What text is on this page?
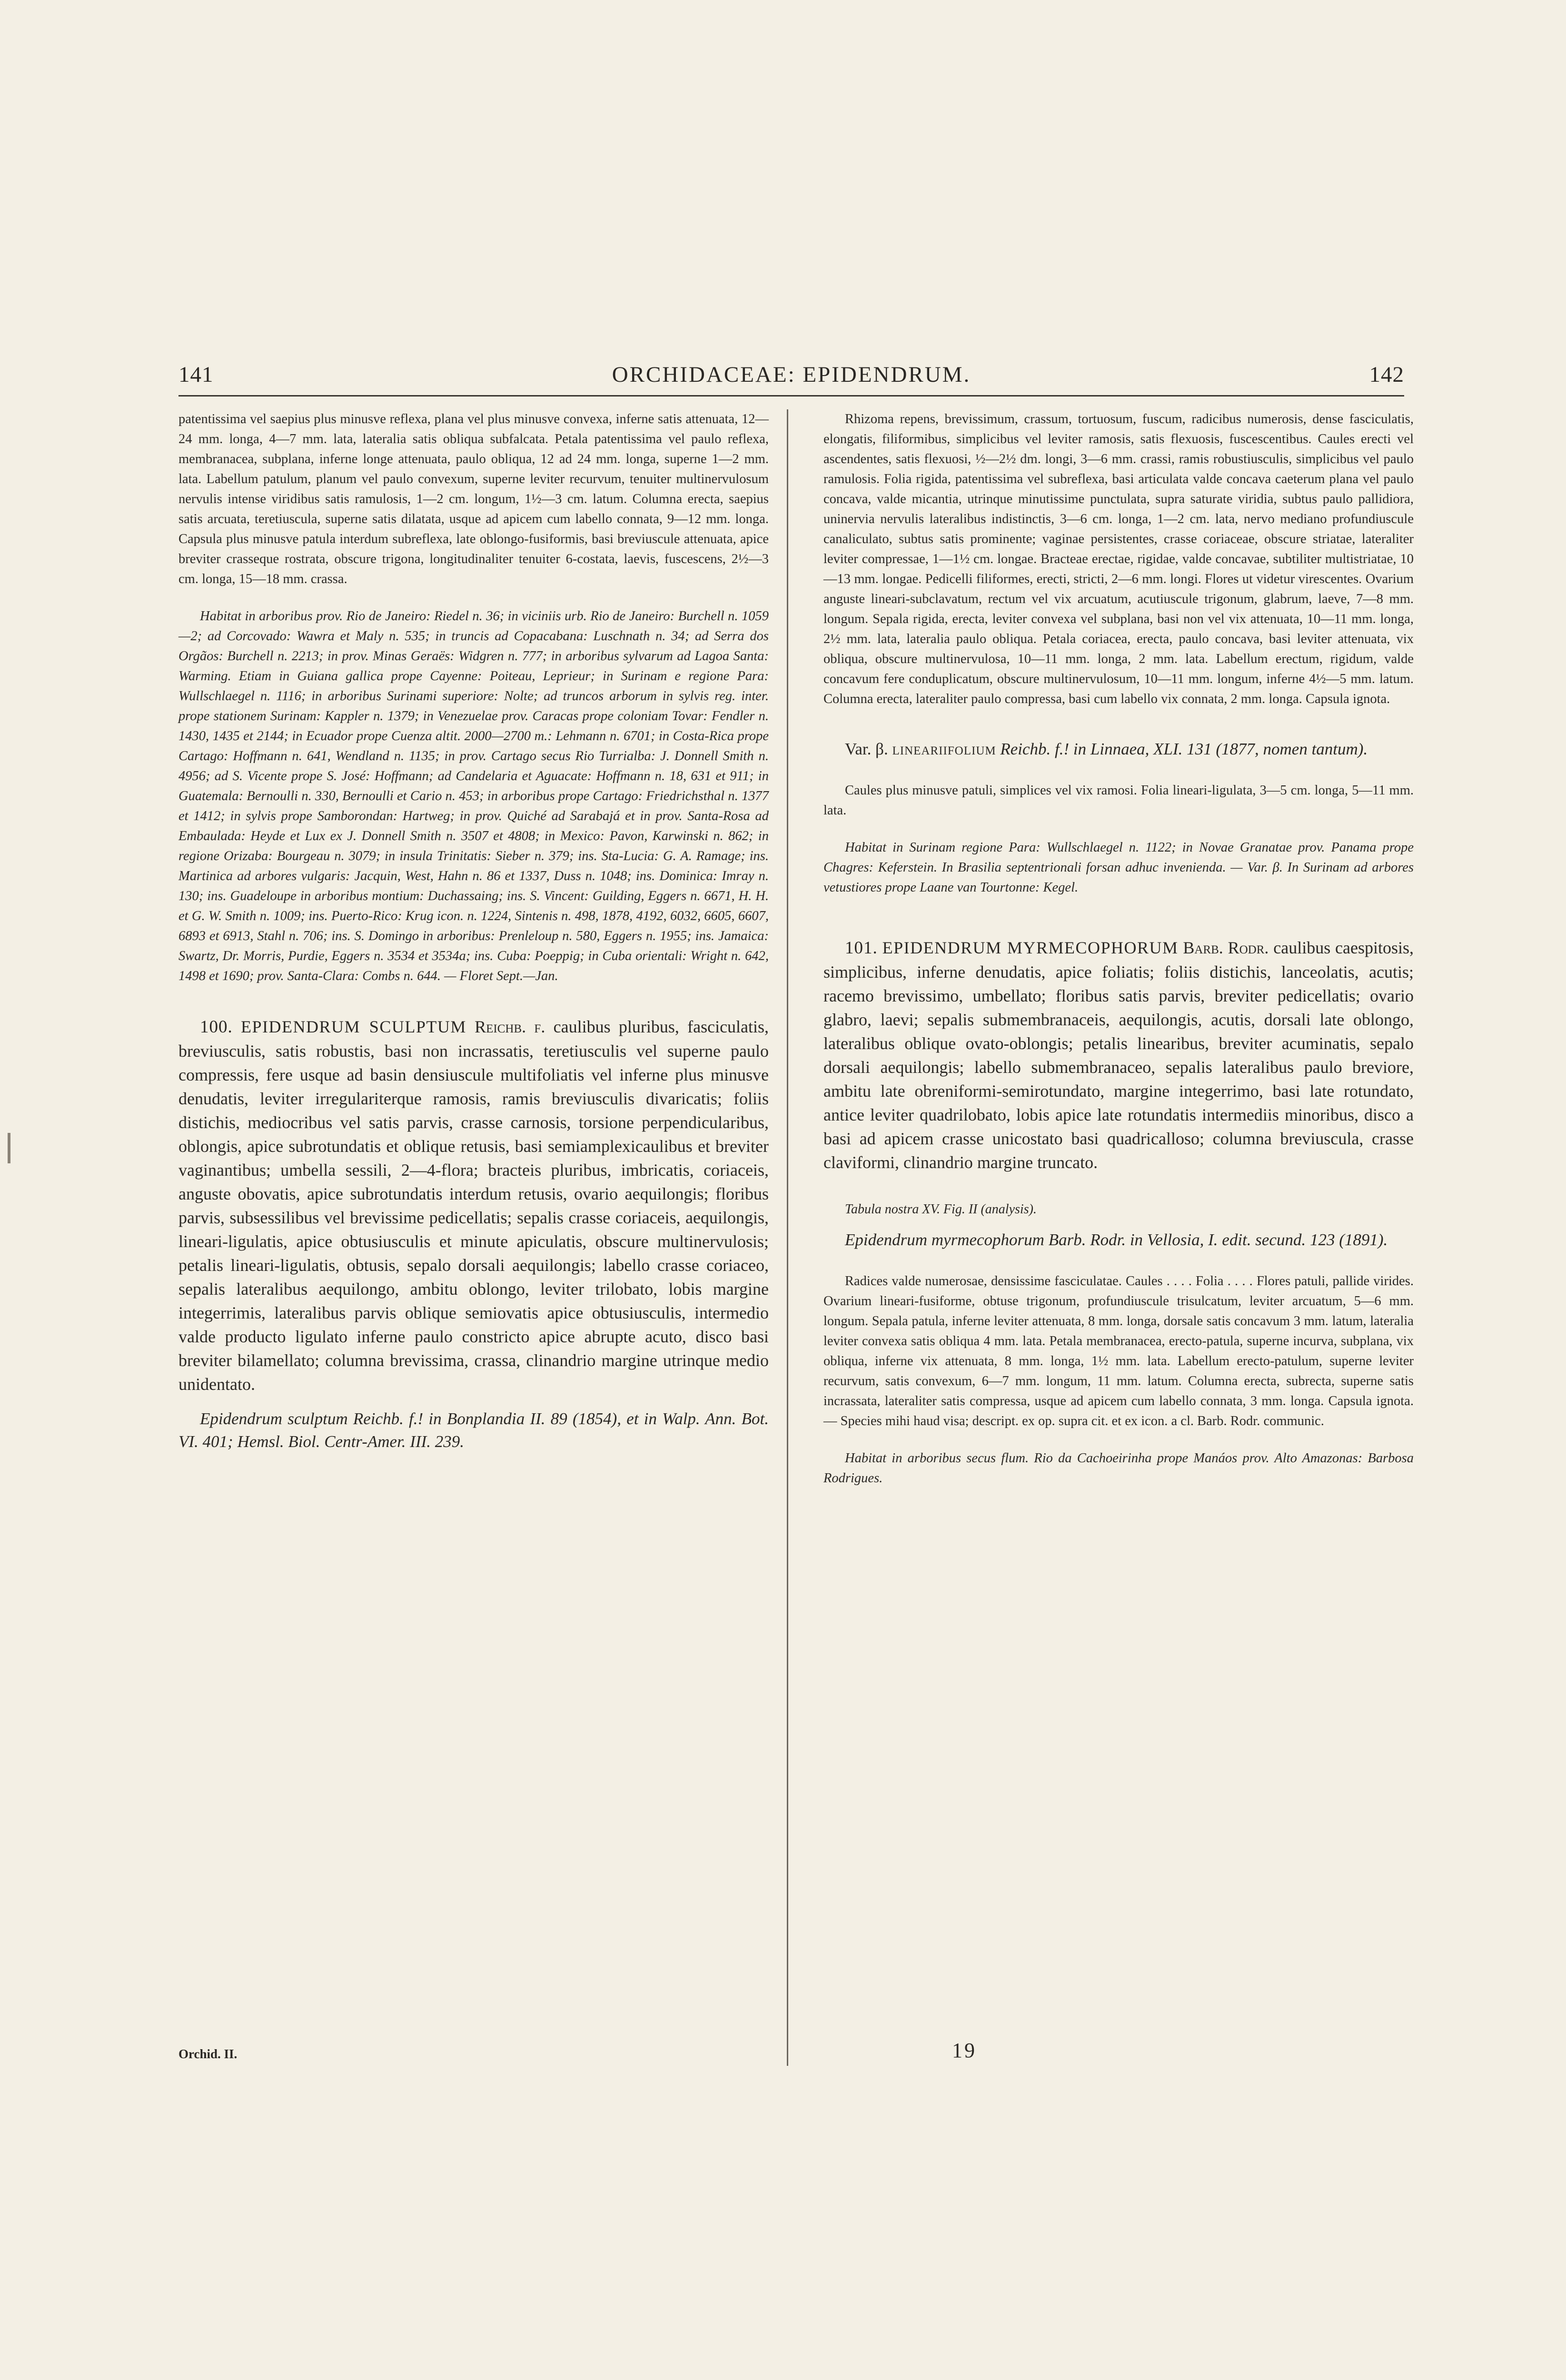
141	ORCHIDACEAE: EPIDENDRUM.	142

patentissima vel saepius plus minusve reflexa, plana vel plus minusve convexa, inferne satis attenuata, 12—24 mm. longa, 4—7 mm. lata, lateralia satis obliqua subfalcata. Petala patentissima vel paulo reflexa, membranacea, subplana, inferne longe attenuata, paulo obliqua, 12 ad 24 mm. longa, superne 1—2 mm. lata. Labellum patulum, planum vel paulo convexum, superne leviter recurvum, tenuiter multinervulosum nervulis intense viridibus satis ramulosis, 1—2 cm. longum, 1½—3 cm. latum. Columna erecta, saepius satis arcuata, teretiuscula, superne satis dilatata, usque ad apicem cum labello connata, 9—12 mm. longa. Capsula plus minusve patula interdum subreflexa, late oblongo-fusiformis, basi breviuscule attenuata, apice breviter crasseque rostrata, obscure trigona, longitudinaliter tenuiter 6-costata, laevis, fuscescens, 2½—3 cm. longa, 15—18 mm. crassa.

Habitat in arboribus prov. Rio de Janeiro: Riedel n. 36; in viciniis urb. Rio de Janeiro: Burchell n. 1059—2; ad Corcovado: Wawra et Maly n. 535; in truncis ad Copacabana: Luschnath n. 34; ad Serra dos Orgãos: Burchell n. 2213; in prov. Minas Geraës: Widgren n. 777; in arboribus sylvarum ad Lagoa Santa: Warming. Etiam in Guiana gallica prope Cayenne: Poiteau, Leprieur; in Surinam e regione Para: Wullschlaegel n. 1116; in arboribus Surinami superiore: Nolte; ad truncos arborum in sylvis reg. inter. prope stationem Surinam: Kappler n. 1379; in Venezuelae prov. Caracas prope coloniam Tovar: Fendler n. 1430, 1435 et 2144; in Ecuador prope Cuenza altit. 2000—2700 m.: Lehmann n. 6701; in Costa-Rica prope Cartago: Hoffmann n. 641, Wendland n. 1135; in prov. Cartago secus Rio Turrialba: J. Donnell Smith n. 4956; ad S. Vicente prope S. José: Hoffmann; ad Candelaria et Aguacate: Hoffmann n. 18, 631 et 911; in Guatemala: Bernoulli n. 330, Bernoulli et Cario n. 453; in arboribus prope Cartago: Friedrichsthal n. 1377 et 1412; in sylvis prope Samborondan: Hartweg; in prov. Quiché ad Sarabajá et in prov. Santa-Rosa ad Embaulada: Heyde et Lux ex J. Donnell Smith n. 3507 et 4808; in Mexico: Pavon, Karwinski n. 862; in regione Orizaba: Bourgeau n. 3079; in insula Trinitatis: Sieber n. 379; ins. Sta-Lucia: G. A. Ramage; ins. Martinica ad arbores vulgaris: Jacquin, West, Hahn n. 86 et 1337, Duss n. 1048; ins. Dominica: Imray n. 130; ins. Guadeloupe in arboribus montium: Duchassaing; ins. S. Vincent: Guilding, Eggers n. 6671, H. H. et G. W. Smith n. 1009; ins. Puerto-Rico: Krug icon. n. 1224, Sintenis n. 498, 1878, 4192, 6032, 6605, 6607, 6893 et 6913, Stahl n. 706; ins. S. Domingo in arboribus: Prenleloup n. 580, Eggers n. 1955; ins. Jamaica: Swartz, Dr. Morris, Purdie, Eggers n. 3534 et 3534a; ins. Cuba: Poeppig; in Cuba orientali: Wright n. 642, 1498 et 1690; prov. Santa-Clara: Combs n. 644. — Floret Sept.—Jan.

100. EPIDENDRUM SCULPTUM Reichb. f. caulibus pluribus, fasciculatis, breviusculis, satis robustis, basi non incrassatis, teretiusculis vel superne paulo compressis, fere usque ad basin densiuscule multifoliatis vel inferne plus minusve denudatis, leviter irregulariterque ramosis, ramis breviusculis divaricatis; foliis distichis, mediocribus vel satis parvis, crasse carnosis, torsione perpendicularibus, oblongis, apice subrotundatis et oblique retusis, basi semiamplexicaulibus et breviter vaginantibus; umbella sessili, 2—4-flora; bracteis pluribus, imbricatis, coriaceis, anguste obovatis, apice subrotundatis interdum retusis, ovario aequilongis; floribus parvis, subsessilibus vel brevissime pedicellatis; sepalis crasse coriaceis, aequilongis, lineari-ligulatis, apice obtusiusculis et minute apiculatis, obscure multinervulosis; petalis lineari-ligulatis, obtusis, sepalo dorsali aequilongis; labello crasse coriaceo, sepalis lateralibus aequilongo, ambitu oblongo, leviter trilobato, lobis margine integerrimis, lateralibus parvis oblique semiovatis apice obtusiusculis, intermedio valde producto ligulato inferne paulo constricto apice abrupte acuto, disco basi breviter bilamellato; columna brevissima, crassa, clinandrio margine utrinque medio unidentato.

Epidendrum sculptum Reichb. f.! in Bonplandia II. 89 (1854), et in Walp. Ann. Bot. VI. 401; Hemsl. Biol. Centr-Amer. III. 239.

Orchid. II.

Rhizoma repens, brevissimum, crassum, tortuosum, fuscum, radicibus numerosis, dense fasciculatis, elongatis, filiformibus, simplicibus vel leviter ramosis, satis flexuosis, fuscescentibus. Caules erecti vel ascendentes, satis flexuosi, ½—2½ dm. longi, 3—6 mm. crassi, ramis robustiusculis, simplicibus vel paulo ramulosis. Folia rigida, patentissima vel subreflexa, basi articulata valde concava caeterum plana vel paulo concava, valde micantia, utrinque minutissime punctulata, supra saturate viridia, subtus paulo pallidiora, uninervia nervulis lateralibus indistinctis, 3—6 cm. longa, 1—2 cm. lata, nervo mediano profundiuscule canaliculato, subtus satis prominente; vaginae persistentes, crasse coriaceae, obscure striatae, lateraliter leviter compressae, 1—1½ cm. longae. Bracteae erectae, rigidae, valde concavae, subtiliter multistriatae, 10—13 mm. longae. Pedicelli filiformes, erecti, stricti, 2—6 mm. longi. Flores ut videtur virescentes. Ovarium anguste lineari-subclavatum, rectum vel vix arcuatum, acutiuscule trigonum, glabrum, laeve, 7—8 mm. longum. Sepala rigida, erecta, leviter convexa vel subplana, basi non vel vix attenuata, 10—11 mm. longa, 2½ mm. lata, lateralia paulo obliqua. Petala coriacea, erecta, paulo concava, basi leviter attenuata, vix obliqua, obscure multinervulosa, 10—11 mm. longa, 2 mm. lata. Labellum erectum, rigidum, valde concavum fere conduplicatum, obscure multinervulosum, 10—11 mm. longum, inferne 4½—5 mm. latum. Columna erecta, lateraliter paulo compressa, basi cum labello vix connata, 2 mm. longa. Capsula ignota.

Var. β. lineariifolium Reichb. f.! in Linnaea, XLI. 131 (1877, nomen tantum).

Caules plus minusve patuli, simplices vel vix ramosi. Folia lineari-ligulata, 3—5 cm. longa, 5—11 mm. lata.

Habitat in Surinam regione Para: Wullschlaegel n. 1122; in Novae Granatae prov. Panama prope Chagres: Keferstein. In Brasilia septentrionali forsan adhuc invenienda. — Var. β. In Surinam ad arbores vetustiores prope Laane van Tourtonne: Kegel.

101. EPIDENDRUM MYRMECOPHORUM Barb. Rodr. caulibus caespitosis, simplicibus, inferne denudatis, apice foliatis; foliis distichis, lanceolatis, acutis; racemo brevissimo, umbellato; floribus satis parvis, breviter pedicellatis; ovario glabro, laevi; sepalis submembranaceis, aequilongis, acutis, dorsali late oblongo, lateralibus oblique ovato-oblongis; petalis linearibus, breviter acuminatis, sepalo dorsali aequilongis; labello submembranaceo, sepalis lateralibus paulo breviore, ambitu late obreniformi-semirotundato, margine integerrimo, basi late rotundato, antice leviter quadrilobato, lobis apice late rotundatis intermediis minoribus, disco a basi ad apicem crasse unicostato basi quadricalloso; columna breviuscula, crasse claviformi, clinandrio margine truncato.

Tabula nostra XV. Fig. II (analysis).

Epidendrum myrmecophorum Barb. Rodr. in Vellosia, I. edit. secund. 123 (1891).

Radices valde numerosae, densissime fasciculatae. Caules . . . . Folia . . . . Flores patuli, pallide virides. Ovarium lineari-fusiforme, obtuse trigonum, profundiuscule trisulcatum, leviter arcuatum, 5—6 mm. longum. Sepala patula, inferne leviter attenuata, 8 mm. longa, dorsale satis concavum 3 mm. latum, lateralia leviter convexa satis obliqua 4 mm. lata. Petala membranacea, erecto-patula, superne incurva, subplana, vix obliqua, inferne vix attenuata, 8 mm. longa, 1½ mm. lata. Labellum erecto-patulum, superne leviter recurvum, satis convexum, 6—7 mm. longum, 11 mm. latum. Columna erecta, subrecta, superne satis incrassata, lateraliter satis compressa, usque ad apicem cum labello connata, 3 mm. longa. Capsula ignota. — Species mihi haud visa; descript. ex op. supra cit. et ex icon. a cl. Barb. Rodr. communic.

Habitat in arboribus secus flum. Rio da Cachoeirinha prope Manáos prov. Alto Amazonas: Barbosa Rodrigues.

19
